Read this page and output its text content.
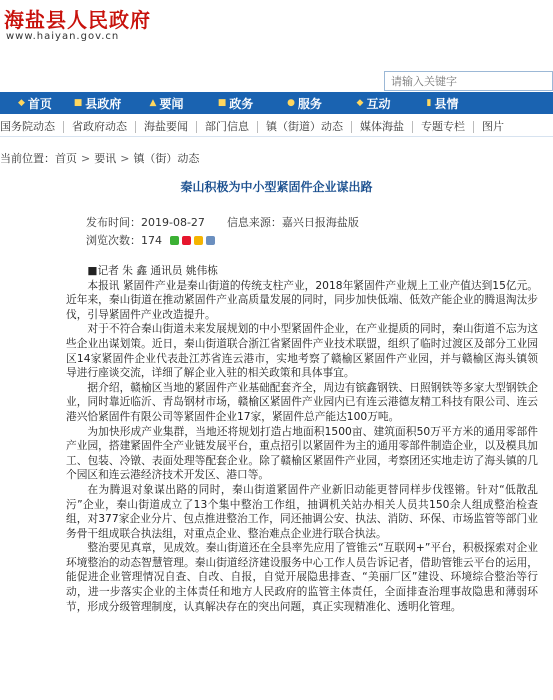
海盐县人民政府
www.haiyan.gov.cn
请输入关键字
◆ 首页 ■ 县政府	▲ 要闻	■ 政务	● 服务	◆ 互动	▮ 县情
国务院动态	省政府动态	海盐要闻	部门信息	镇（街道）动态	媒体海盐	专题专栏	图片
当前位置： 首页 > 要讯 > 镇（街）动态
秦山积极为中小型紧固件企业谋出路
发布时间：2019-08-27 信息来源：嘉兴日报海盐版
浏览次数： 174

■记者 朱 鑫 通讯员 姚伟栋

本报讯 紧固件产业是秦山街道的传统支柱产业，2018年紧固件产业规上工业产值达到15亿元。近年来，秦山街道在推动紧固件产业高质量发展的同时，同步加快低端、低效产能企业的腾退淘汰步伐，引导紧固件产业改造提升。

对于不符合秦山街道未来发展规划的中小型紧固件企业，在产业提质的同时，秦山街道不忘为这些企业出谋划策。近日，秦山街道联合浙江省紧固件产业技术联盟，组织了临时过渡区及部分工业园区14家紧固件企业代表赴江苏省连云港市，实地考察了赣榆区紧固件产业园，并与赣榆区海头镇领导进行座谈交流，详细了解企业入驻的相关政策和具体事宜。

据介绍，赣榆区当地的紧固件产业基础配套齐全，周边有镔鑫钢铁、日照钢铁等多家大型钢铁企业，同时靠近临沂、青岛钢材市场，赣榆区紧固件产业园内已有连云港德友精工科技有限公司、连云港兴恰紧固件有限公司等紧固件企业17家，紧固件总产能达100万吨。

为加快形成产业集群，当地还将规划打造占地面积1500亩、建筑面积50万平方米的通用零部件产业园，搭建紧固件全产业链发展平台，重点招引以紧固件为主的通用零部件制造企业，以及模具加工、包装、冷镦、表面处理等配套企业。除了赣榆区紧固件产业园，考察团还实地走访了海头镇的几个园区和连云港经济技术开发区、港口等。

在为腾退对象谋出路的同时，秦山街道紧固件产业新旧动能更替同样步伐铿锵。针对“低散乱污”企业，秦山街道成立了13个集中整治工作组，抽调机关站办相关人员共150余人组成整治检查组，对377家企业分片、包点推进整治工作，同还抽调公安、执法、消防、环保、市场监管等部门业务骨干组成联合执法组，对重点企业、整治难点企业进行联合执法。

整治要见真章，见成效。秦山街道还在全县率先应用了管锥云“互联网+”平台，积极探索对企业环境整治的动态智慧管理。秦山街道经济建设服务中心工作人员告诉记者，借助管锥云平台的运用，能促进企业管理情况自查、自改、自报，自觉开展隐患排查、“美丽厂区”建设、环境综合整治等行动，进一步落实企业的主体责任和地方人民政府的监管主体责任，全面排查治理事故隐患和薄弱环节，形成分级管理制度，认真解决存在的突出问题，真正实现精准化、透明化管理。
